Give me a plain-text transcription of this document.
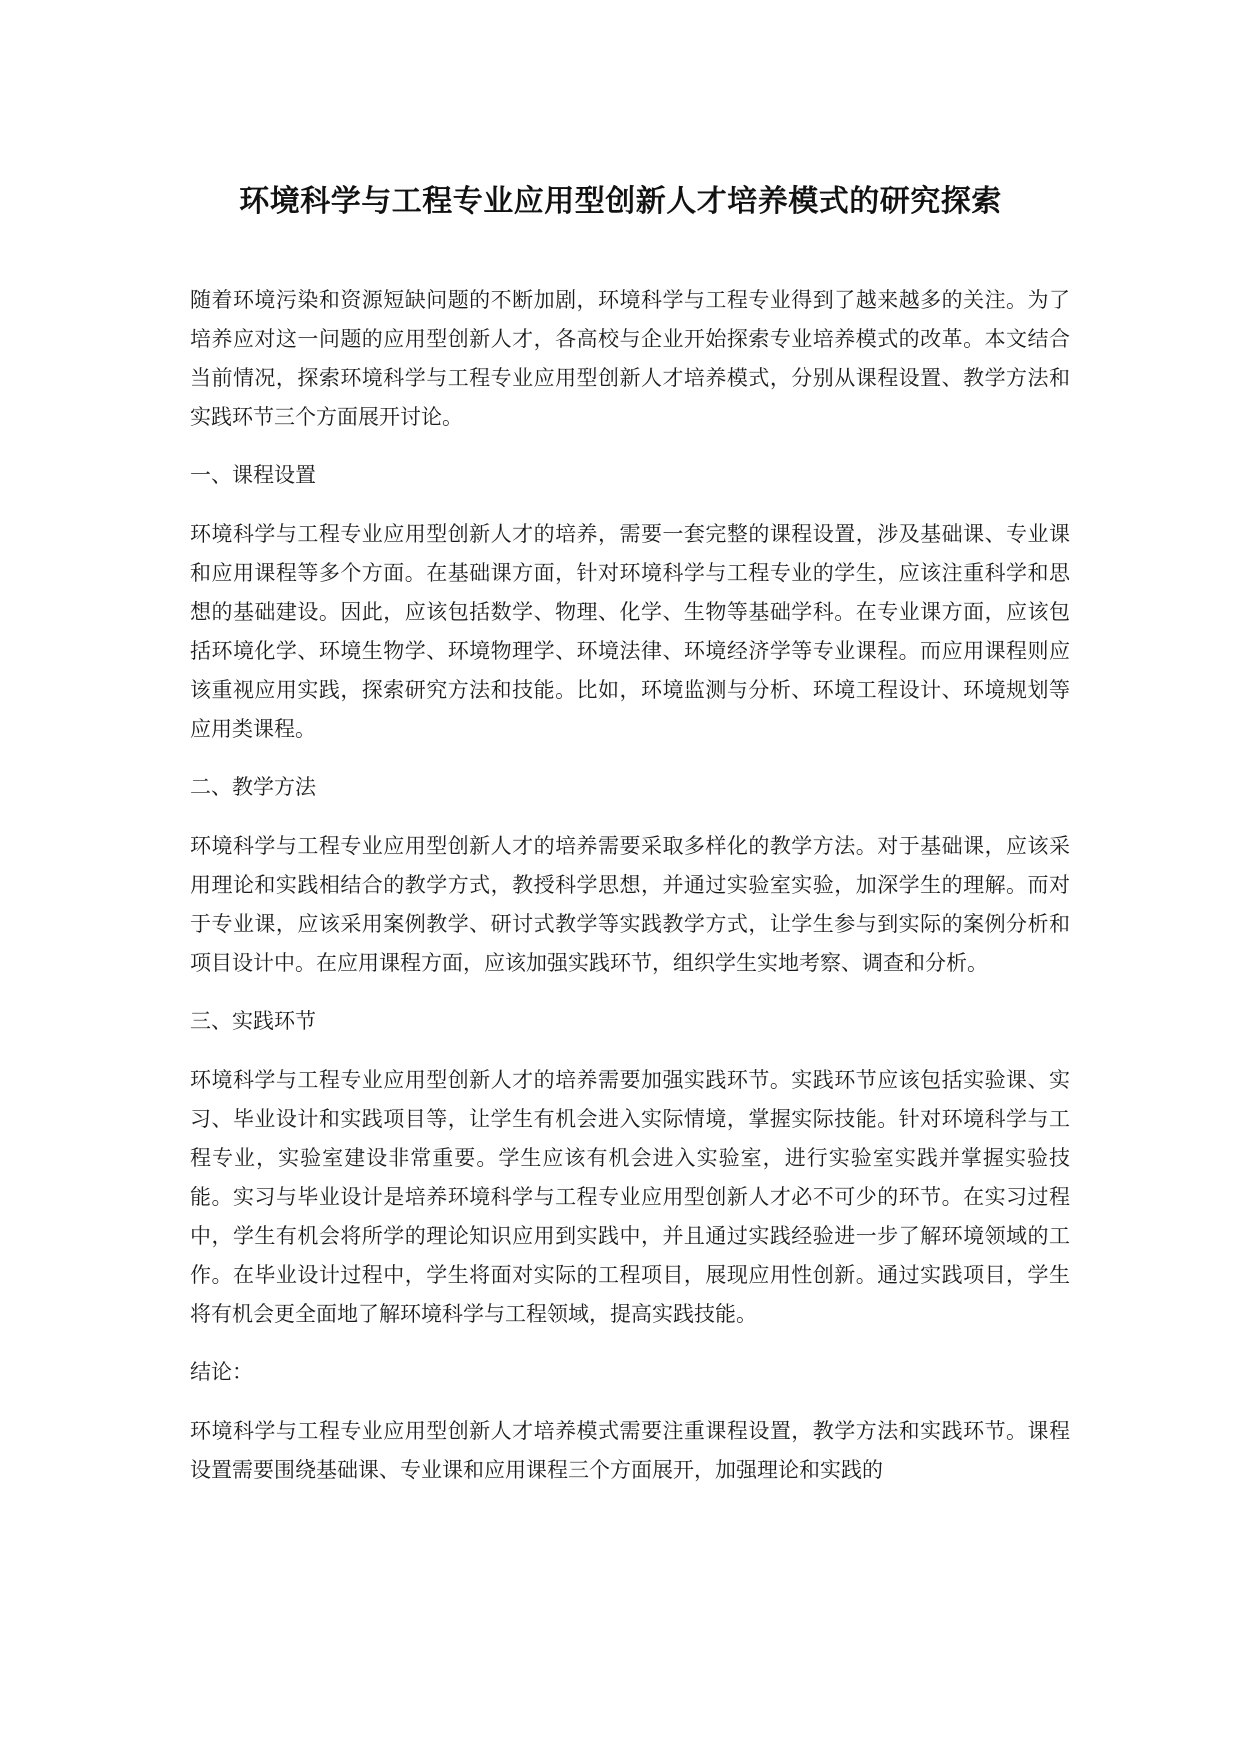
环境科学与工程专业应用型创新人才培养模式的研究探索

随着环境污染和资源短缺问题的不断加剧，环境科学与工程专业得到了越来越多的关注。为了培养应对这一问题的应用型创新人才，各高校与企业开始探索专业培养模式的改革。本文结合当前情况，探索环境科学与工程专业应用型创新人才培养模式，分别从课程设置、教学方法和实践环节三个方面展开讨论。

一、课程设置

环境科学与工程专业应用型创新人才的培养，需要一套完整的课程设置，涉及基础课、专业课和应用课程等多个方面。在基础课方面，针对环境科学与工程专业的学生，应该注重科学和思想的基础建设。因此，应该包括数学、物理、化学、生物等基础学科。在专业课方面，应该包括环境化学、环境生物学、环境物理学、环境法律、环境经济学等专业课程。而应用课程则应该重视应用实践，探索研究方法和技能。比如，环境监测与分析、环境工程设计、环境规划等应用类课程。

二、教学方法

环境科学与工程专业应用型创新人才的培养需要采取多样化的教学方法。对于基础课，应该采用理论和实践相结合的教学方式，教授科学思想，并通过实验室实验，加深学生的理解。而对于专业课，应该采用案例教学、研讨式教学等实践教学方式，让学生参与到实际的案例分析和项目设计中。在应用课程方面，应该加强实践环节，组织学生实地考察、调查和分析。

三、实践环节

环境科学与工程专业应用型创新人才的培养需要加强实践环节。实践环节应该包括实验课、实习、毕业设计和实践项目等，让学生有机会进入实际情境，掌握实际技能。针对环境科学与工程专业，实验室建设非常重要。学生应该有机会进入实验室，进行实验室实践并掌握实验技能。实习与毕业设计是培养环境科学与工程专业应用型创新人才必不可少的环节。在实习过程中，学生有机会将所学的理论知识应用到实践中，并且通过实践经验进一步了解环境领域的工作。在毕业设计过程中，学生将面对实际的工程项目，展现应用性创新。通过实践项目，学生将有机会更全面地了解环境科学与工程领域，提高实践技能。

结论：

环境科学与工程专业应用型创新人才培养模式需要注重课程设置，教学方法和实践环节。课程设置需要围绕基础课、专业课和应用课程三个方面展开，加强理论和实践的
